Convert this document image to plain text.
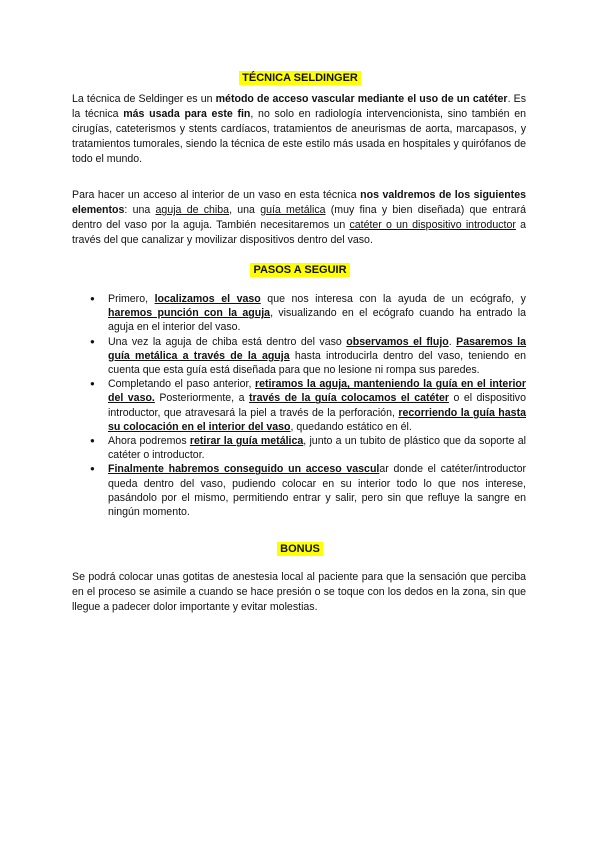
TÉCNICA SELDINGER

La técnica de Seldinger es un método de acceso vascular mediante el uso de un catéter. Es la técnica más usada para este fin, no solo en radiología intervencionista, sino también en cirugías, cateterismos y stents cardíacos, tratamientos de aneurismas de aorta, marcapasos, y tratamientos tumorales, siendo la técnica de este estilo más usada en hospitales y quirófanos de todo el mundo.

Para hacer un acceso al interior de un vaso en esta técnica nos valdremos de los siguientes elementos: una aguja de chiba, una guía metálica (muy fina y bien diseñada) que entrará dentro del vaso por la aguja. También necesitaremos un catéter o un dispositivo introductor a través del que canalizar y movilizar dispositivos dentro del vaso.

PASOS A SEGUIR
● Primero, localizamos el vaso que nos interesa con la ayuda de un ecógrafo, y haremos punción con la aguja, visualizando en el ecógrafo cuando ha entrado la aguja en el interior del vaso.
● Una vez la aguja de chiba está dentro del vaso observamos el flujo. Pasaremos la guía metálica a través de la aguja hasta introducirla dentro del vaso, teniendo en cuenta que esta guía está diseñada para que no lesione ni rompa sus paredes.
● Completando el paso anterior, retiramos la aguja, manteniendo la guía en el interior del vaso. Posteriormente, a través de la guía colocamos el catéter o el dispositivo introductor, que atravesará la piel a través de la perforación, recorriendo la guía hasta su colocación en el interior del vaso, quedando estático en él.
● Ahora podremos retirar la guía metálica, junto a un tubito de plástico que da soporte al catéter o introductor.
● Finalmente habremos conseguido un acceso vascular donde el catéter/introductor queda dentro del vaso, pudiendo colocar en su interior todo lo que nos interese, pasándolo por el mismo, permitiendo entrar y salir, pero sin que refluye la sangre en ningún momento.
BONUS

Se podrá colocar unas gotitas de anestesia local al paciente para que la sensación que perciba en el proceso se asimile a cuando se hace presión o se toque con los dedos en la zona, sin que llegue a padecer dolor importante y evitar molestias.
